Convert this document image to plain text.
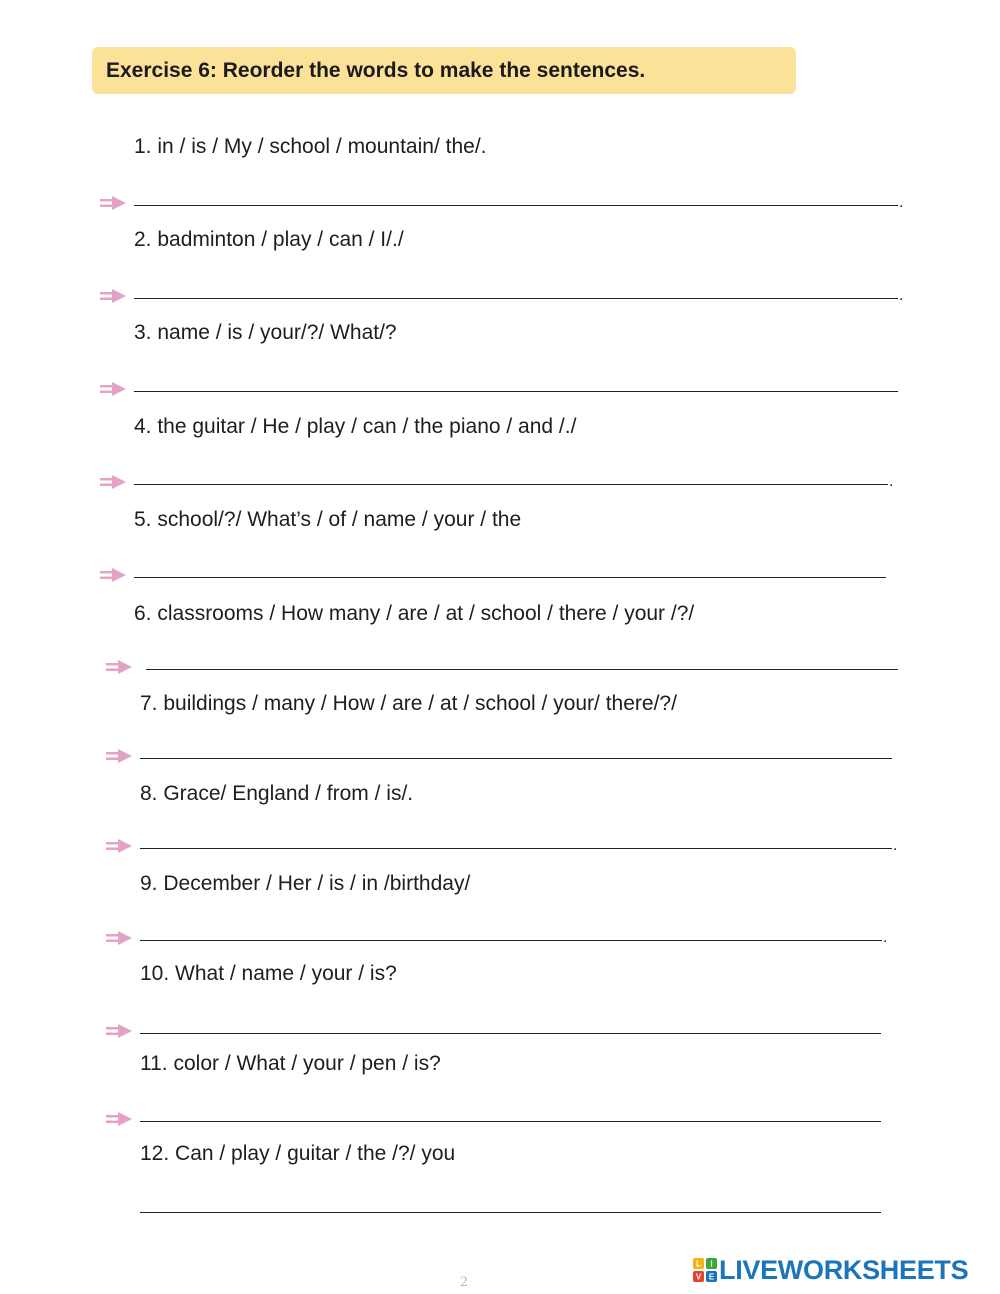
Exercise 6: Reorder the words to make the sentences.
1. in / is / My / school / mountain/ the/.
.
2. badminton / play / can / I/./
.
3. name / is / your/?/ What/?
4. the guitar / He / play / can / the piano / and /./
.
5. school/?/ What’s / of / name / your / the
6. classrooms / How many / are / at / school / there / your /?/
7. buildings / many / How / are / at / school / your/ there/?/
8. Grace/ England / from / is/.
.
9. December / Her / is / in /birthday/
.
10. What / name / your / is?
11. color / What / your / pen / is?
12. Can / play / guitar / the /?/ you
2
L I
V E LIVEWORKSHEETS
